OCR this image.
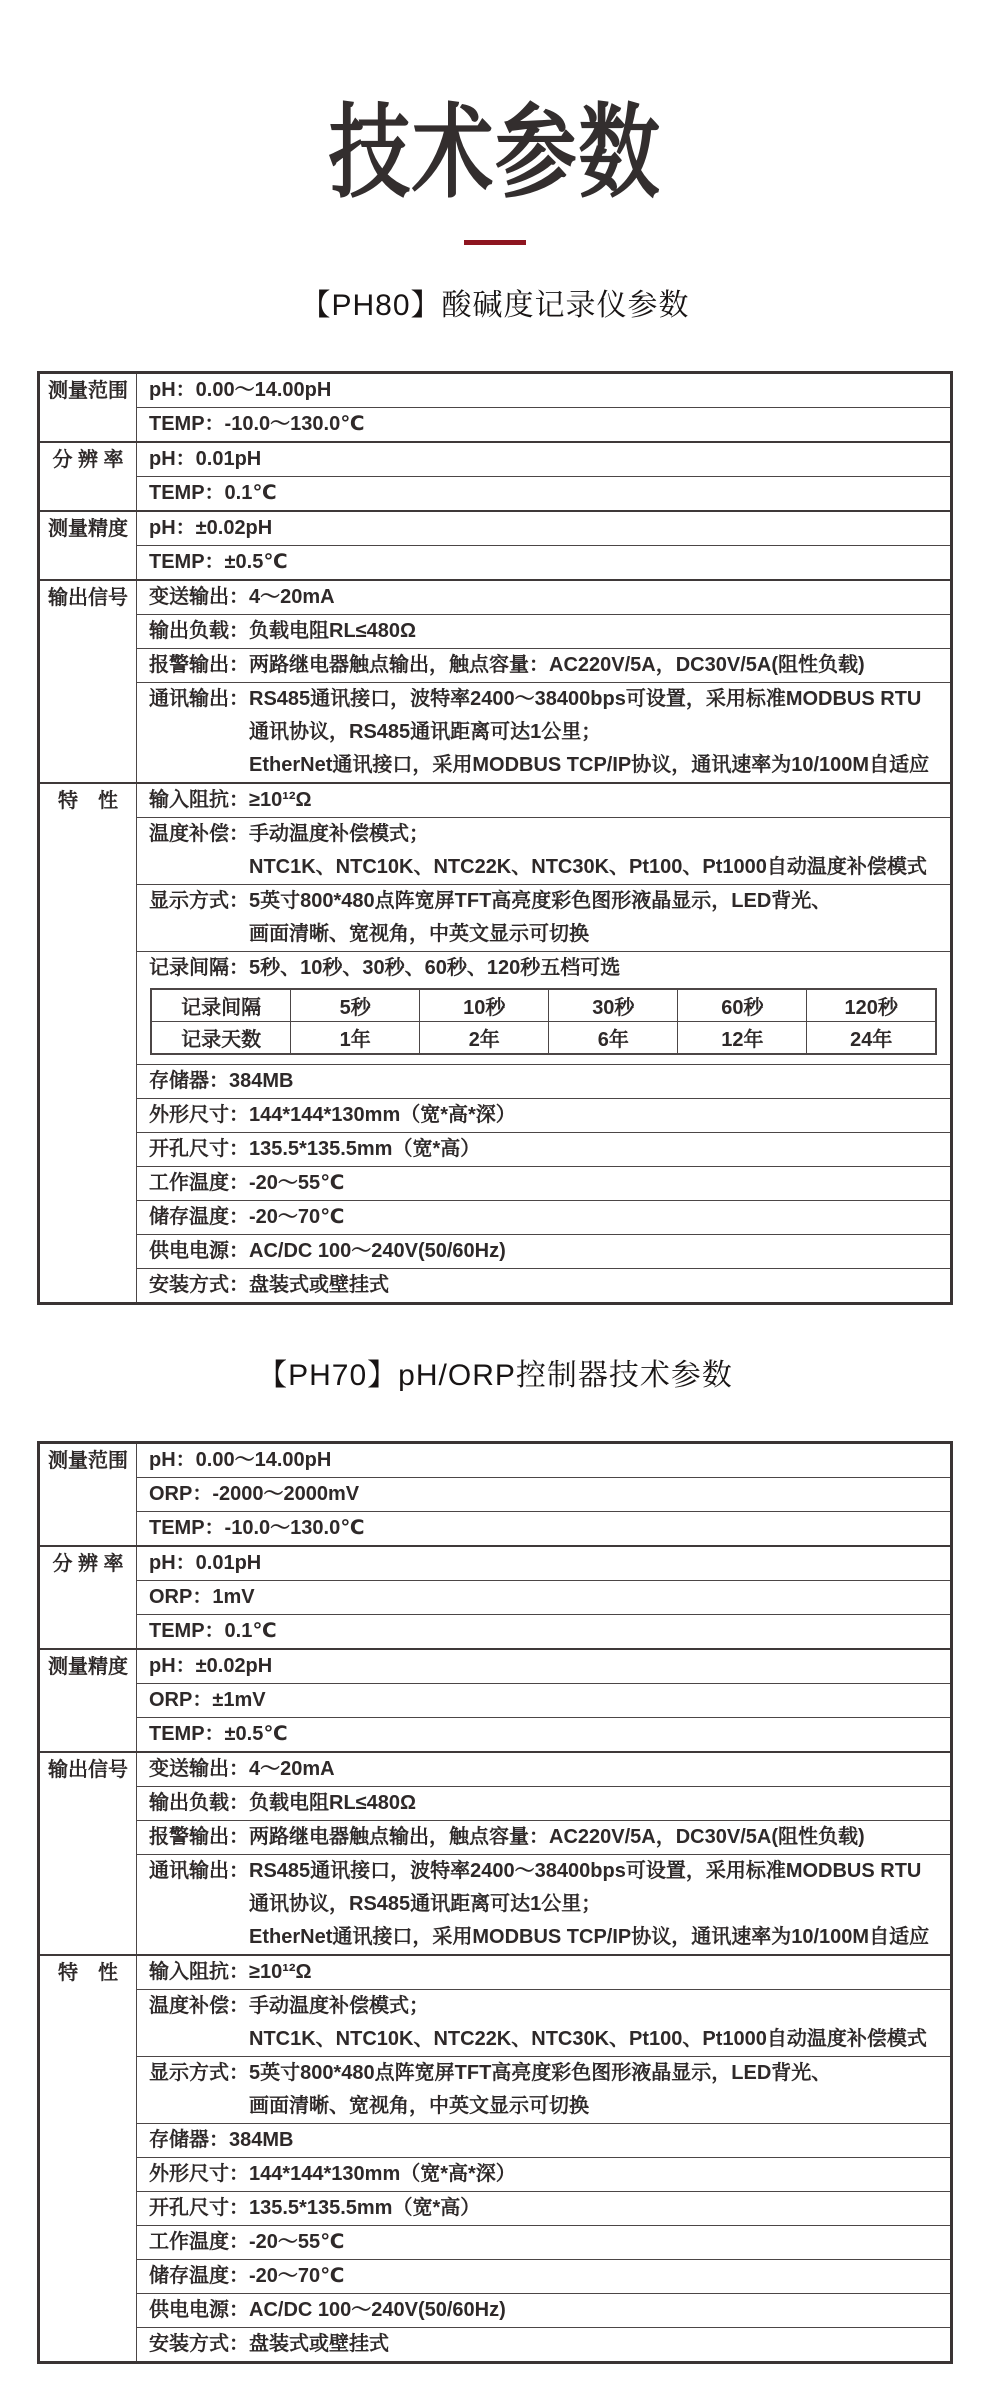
技术参数
【PH80】酸碱度记录仪参数
测量范围	pH：0.00～14.00pH

TEMP：-10.0～130.0℃

分 辨 率	pH：0.01pH

TEMP：0.1℃

测量精度	pH：±0.02pH

TEMP：±0.5℃

输出信号	变送输出：4～20mA

输出负载：负载电阻RL≤480Ω

报警输出：两路继电器触点输出，触点容量：AC220V/5A，DC30V/5A(阻性负载)

通讯输出：RS485通讯接口，波特率2400～38400bps可设置，采用标准MODBUS RTU
通讯协议，RS485通讯距离可达1公里；
EtherNet通讯接口，采用MODBUS TCP/IP协议，通讯速率为10/100M自适应

特　性	输入阻抗：≥10¹²Ω

温度补偿：手动温度补偿模式；
NTC1K、NTC10K、NTC22K、NTC30K、Pt100、Pt1000自动温度补偿模式

显示方式：5英寸800*480点阵宽屏TFT高亮度彩色图形液晶显示，LED背光、
画面清晰、宽视角，中英文显示可切换

记录间隔：5秒、10秒、30秒、60秒、120秒五档可选
记录间隔	5秒	10秒	30秒	60秒	120秒
记录天数	1年	2年	6年	12年	24年

存储器：384MB

外形尺寸：144*144*130mm（宽*高*深）

开孔尺寸：135.5*135.5mm（宽*高）

工作温度：-20～55℃

储存温度：-20～70℃

供电电源：AC/DC 100～240V(50/60Hz)

安装方式：盘装式或壁挂式
【PH70】pH/ORP控制器技术参数
测量范围	pH：0.00～14.00pH

	ORP：-2000～2000mV

	TEMP：-10.0～130.0℃

分 辨 率	pH：0.01pH

	ORP：1mV

	TEMP：0.1℃

测量精度	pH：±0.02pH

	ORP：±1mV

	TEMP：±0.5℃

输出信号	变送输出：4～20mA

	输出负载：负载电阻RL≤480Ω

	报警输出：两路继电器触点输出，触点容量：AC220V/5A，DC30V/5A(阻性负载)

	通讯输出：RS485通讯接口，波特率2400～38400bps可设置，采用标准MODBUS RTU
通讯协议，RS485通讯距离可达1公里；
EtherNet通讯接口，采用MODBUS TCP/IP协议，通讯速率为10/100M自适应

特　性	输入阻抗：≥10¹²Ω

	温度补偿：手动温度补偿模式；
NTC1K、NTC10K、NTC22K、NTC30K、Pt100、Pt1000自动温度补偿模式

	显示方式：5英寸800*480点阵宽屏TFT高亮度彩色图形液晶显示，LED背光、
画面清晰、宽视角，中英文显示可切换

	存储器：384MB

	外形尺寸：144*144*130mm（宽*高*深）

	开孔尺寸：135.5*135.5mm（宽*高）

	工作温度：-20～55℃

	储存温度：-20～70℃

	供电电源：AC/DC 100～240V(50/60Hz)

	安装方式：盘装式或壁挂式
